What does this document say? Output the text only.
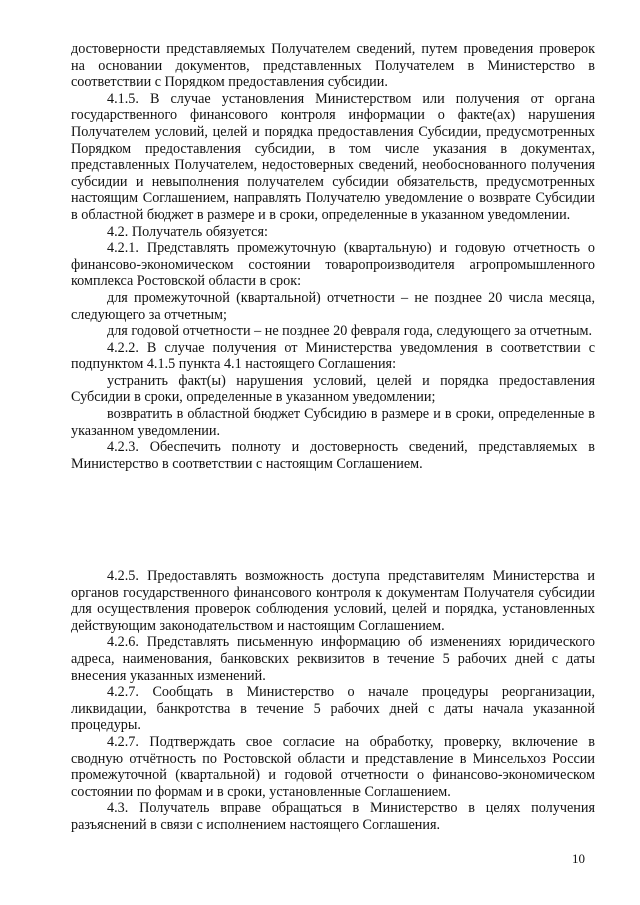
достоверности представляемых Получателем сведений, путем проведения проверок на основании документов, представленных Получателем в Министерство в соответствии с Порядком предоставления субсидии.

4.1.5. В случае установления Министерством или получения от органа государственного финансового контроля информации о факте(ах) нарушения Получателем условий, целей и порядка предоставления Субсидии, предусмотренных Порядком предоставления субсидии, в том числе указания в документах, представленных Получателем, недостоверных сведений, необоснованного получения субсидии и невыполнения получателем субсидии обязательств, предусмотренных настоящим Соглашением, направлять Получателю уведомление о возврате Субсидии в областной бюджет в размере и в сроки, определенные в указанном уведомлении.

4.2. Получатель обязуется:

4.2.1. Представлять промежуточную (квартальную) и годовую отчетность о финансово-экономическом состоянии товаропроизводителя агропромышленного комплекса Ростовской области в срок:

для промежуточной (квартальной) отчетности – не позднее 20 числа месяца, следующего за отчетным;

для годовой отчетности – не позднее 20 февраля года, следующего за отчетным.

4.2.2. В случае получения от Министерства уведомления в соответствии с подпунктом 4.1.5 пункта 4.1 настоящего Соглашения:

устранить факт(ы) нарушения условий, целей и порядка предоставления Субсидии в сроки, определенные в указанном уведомлении;

возвратить в областной бюджет Субсидию в размере и в сроки, определенные в указанном уведомлении.

4.2.3. Обеспечить полноту и достоверность сведений, представляемых в Министерство в соответствии с настоящим Соглашением.

4.2.5. Предоставлять возможность доступа представителям Министерства и органов государственного финансового контроля к документам Получателя субсидии для осуществления проверок соблюдения условий, целей и порядка, установленных действующим законодательством и настоящим Соглашением.

4.2.6. Представлять письменную информацию об изменениях юридического адреса, наименования, банковских реквизитов в течение 5 рабочих дней с даты внесения указанных изменений.

4.2.7. Сообщать в Министерство о начале процедуры реорганизации, ликвидации, банкротства в течение 5 рабочих дней с даты начала указанной процедуры.

4.2.7. Подтверждать свое согласие на обработку, проверку, включение в сводную отчётность по Ростовской области и представление в Минсельхоз России промежуточной (квартальной) и годовой отчетности о финансово-экономическом состоянии по формам и в сроки, установленные Соглашением.

4.3. Получатель вправе обращаться в Министерство в целях получения разъяснений в связи с исполнением настоящего Соглашения.

10
